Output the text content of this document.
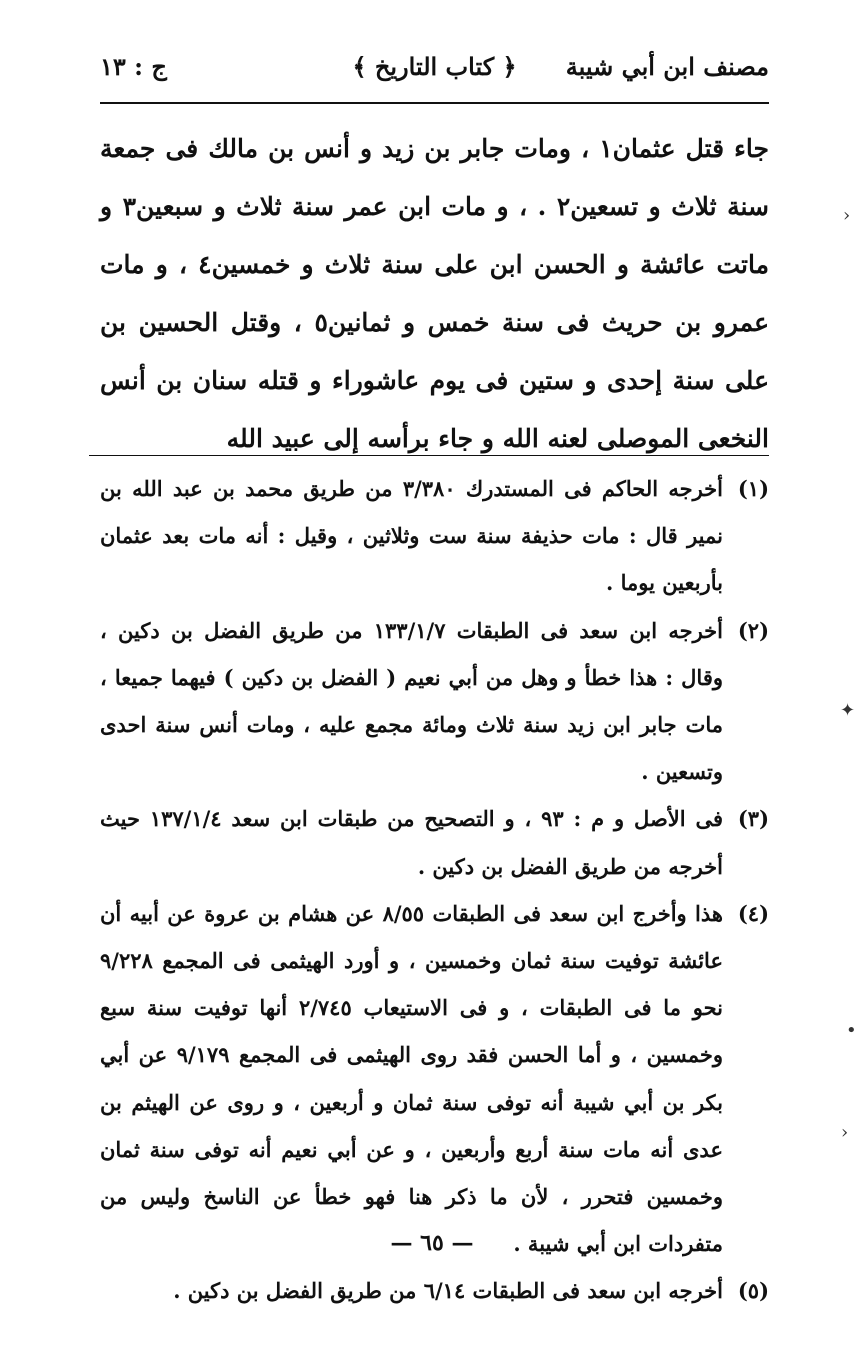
مصنف ابن أبي شيبة
﴿ كتاب التاريخ ﴾
ج : ١٣

جاء قتل عثمان١ ، ومات جابر بن زيد و أنس بن مالك فى جمعة سنة ثلاث و تسعين٢ . ، و مات ابن عمر سنة ثلاث و سبعين٣ و ماتت عائشة و الحسن ابن على سنة ثلاث و خمسين٤ ، و مات عمرو بن حريث فى سنة خمس و ثمانين٥ ، وقتل الحسين بن على سنة إحدى و ستين فى يوم عاشوراء و قتله سنان بن أنس النخعى الموصلى لعنه الله و جاء برأسه إلى عبيد الله

(١)
أخرجه الحاكم فى المستدرك ٣/٣٨٠ من طريق محمد بن عبد الله بن نمير قال : مات حذيفة سنة ست وثلاثين ، وقيل : أنه مات بعد عثمان بأربعين يوما .
(٢)
أخرجه ابن سعد فى الطبقات ١٣٣/١/٧ من طريق الفضل بن دكين ، وقال : هذا خطأ و وهل من أبي نعيم ( الفضل بن دكين ) فيهما جميعا ، مات جابر ابن زيد سنة ثلاث ومائة مجمع عليه ، ومات أنس سنة احدى وتسعين .
(٣)
فى الأصل و م : ٩٣ ، و التصحيح من طبقات ابن سعد ١٣٧/١/٤ حيث أخرجه من طريق الفضل بن دكين .
(٤)
هذا وأخرج ابن سعد فى الطبقات ٨/٥٥ عن هشام بن عروة عن أبيه أن عائشة توفيت سنة ثمان وخمسين ، و أورد الهيثمى فى المجمع ٩/٢٢٨ نحو ما فى الطبقات ، و فى الاستيعاب ٢/٧٤٥ أنها توفيت سنة سبع وخمسين ، و أما الحسن فقد روى الهيثمى فى المجمع ٩/١٧٩ عن أبي بكر بن أبي شيبة أنه توفى سنة ثمان و أربعين ، و روى عن الهيثم بن عدى أنه مات سنة أربع وأربعين ، و عن أبي نعيم أنه توفى سنة ثمان وخمسين فتحرر ، لأن ما ذكر هنا فهو خطأ عن الناسخ وليس من متفردات ابن أبي شيبة .
(٥)
أخرجه ابن سعد فى الطبقات ٦/١٤ من طريق الفضل بن دكين .
— ٦٥ —
›
✦
•
›
